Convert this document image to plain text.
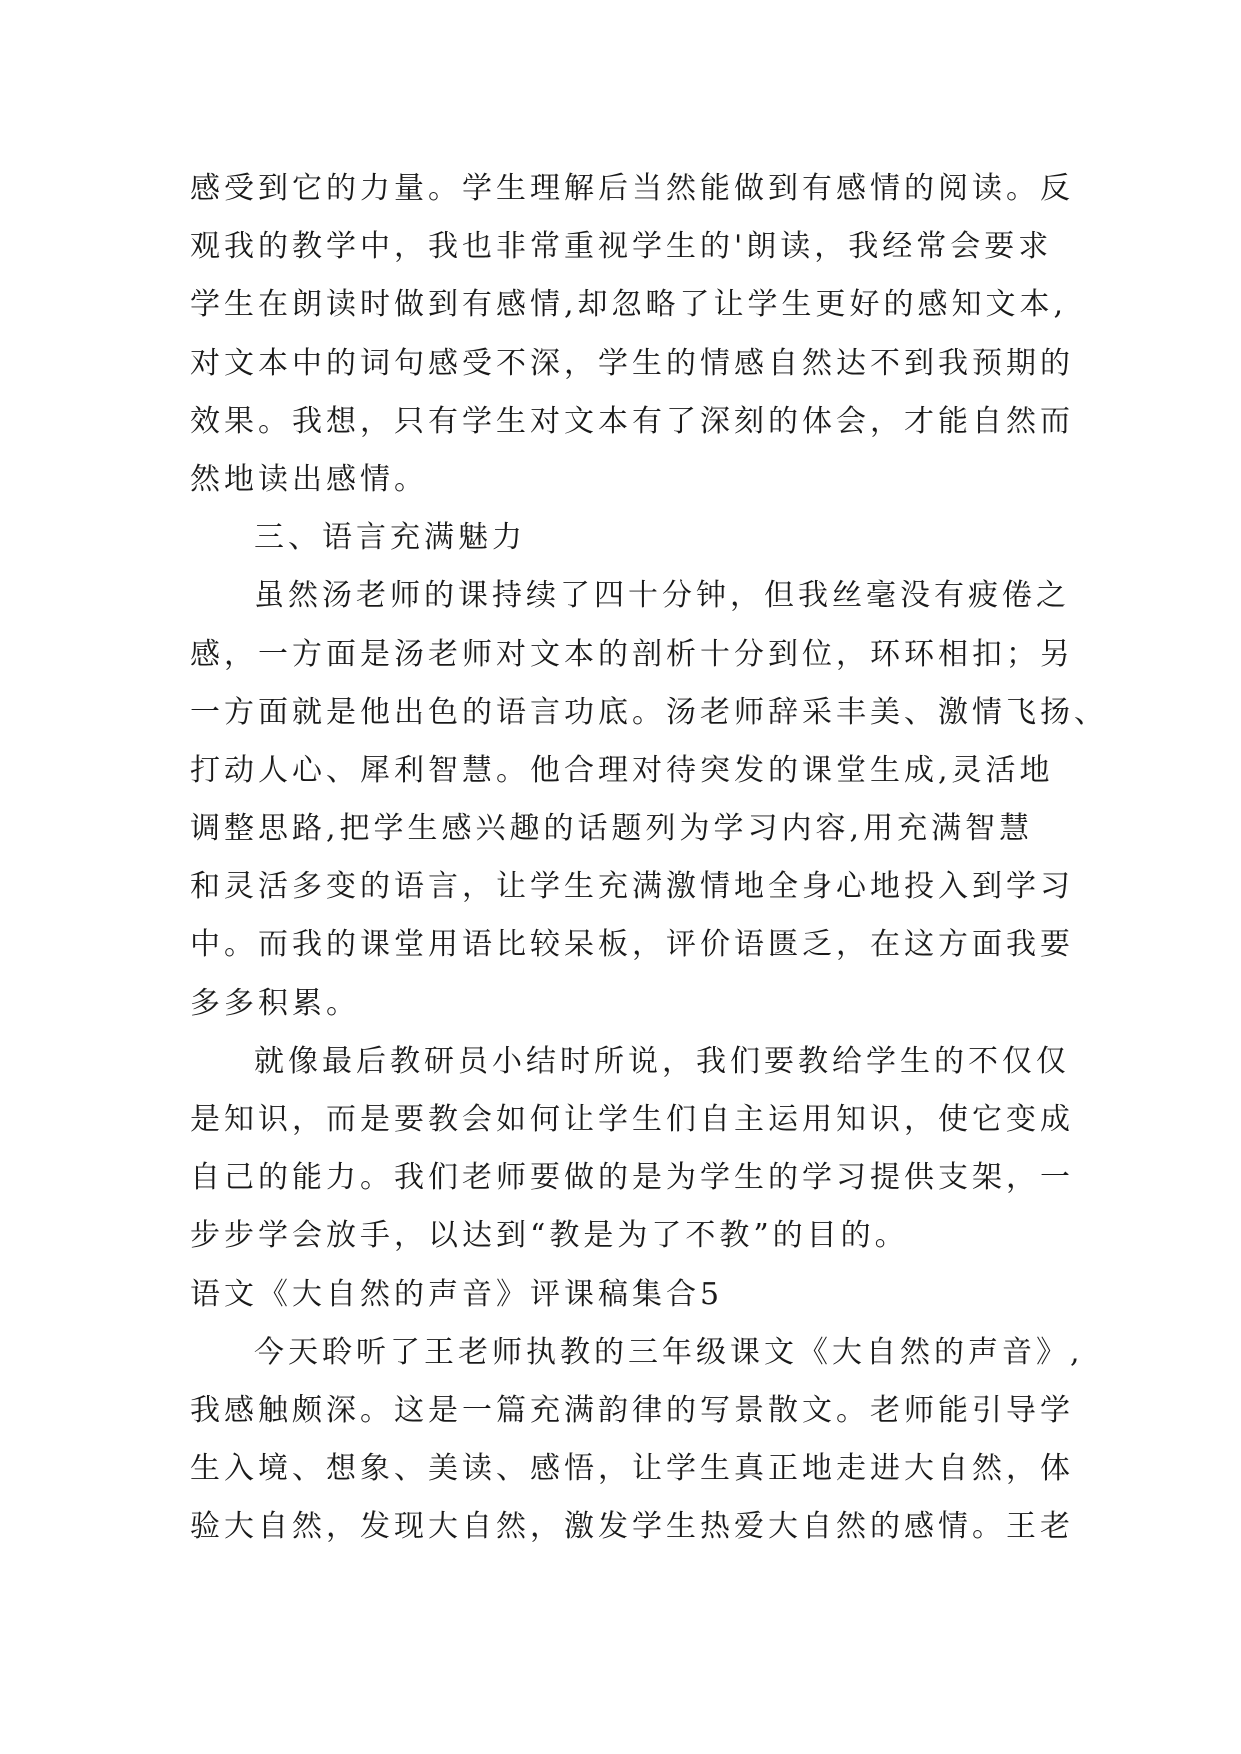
感受到它的力量。学生理解后当然能做到有感情的阅读。反
观我的教学中，我也非常重视学生的'朗读，我经常会要求
学生在朗读时做到有感情,却忽略了让学生更好的感知文本,
对文本中的词句感受不深，学生的情感自然达不到我预期的
效果。我想，只有学生对文本有了深刻的体会，才能自然而
然地读出感情。
三、语言充满魅力
虽然汤老师的课持续了四十分钟，但我丝毫没有疲倦之
感，一方面是汤老师对文本的剖析十分到位，环环相扣；另
一方面就是他出色的语言功底。汤老师辞采丰美、激情飞扬、
打动人心、犀利智慧。他合理对待突发的课堂生成,灵活地
调整思路,把学生感兴趣的话题列为学习内容,用充满智慧
和灵活多变的语言，让学生充满激情地全身心地投入到学习
中。而我的课堂用语比较呆板，评价语匮乏，在这方面我要
多多积累。
就像最后教研员小结时所说，我们要教给学生的不仅仅
是知识，而是要教会如何让学生们自主运用知识，使它变成
自己的能力。我们老师要做的是为学生的学习提供支架，一
步步学会放手，以达到“教是为了不教”的目的。
语文《大自然的声音》评课稿集合5
今天聆听了王老师执教的三年级课文《大自然的声音》,
我感触颇深。这是一篇充满韵律的写景散文。老师能引导学
生入境、想象、美读、感悟，让学生真正地走进大自然，体
验大自然，发现大自然，激发学生热爱大自然的感情。王老
